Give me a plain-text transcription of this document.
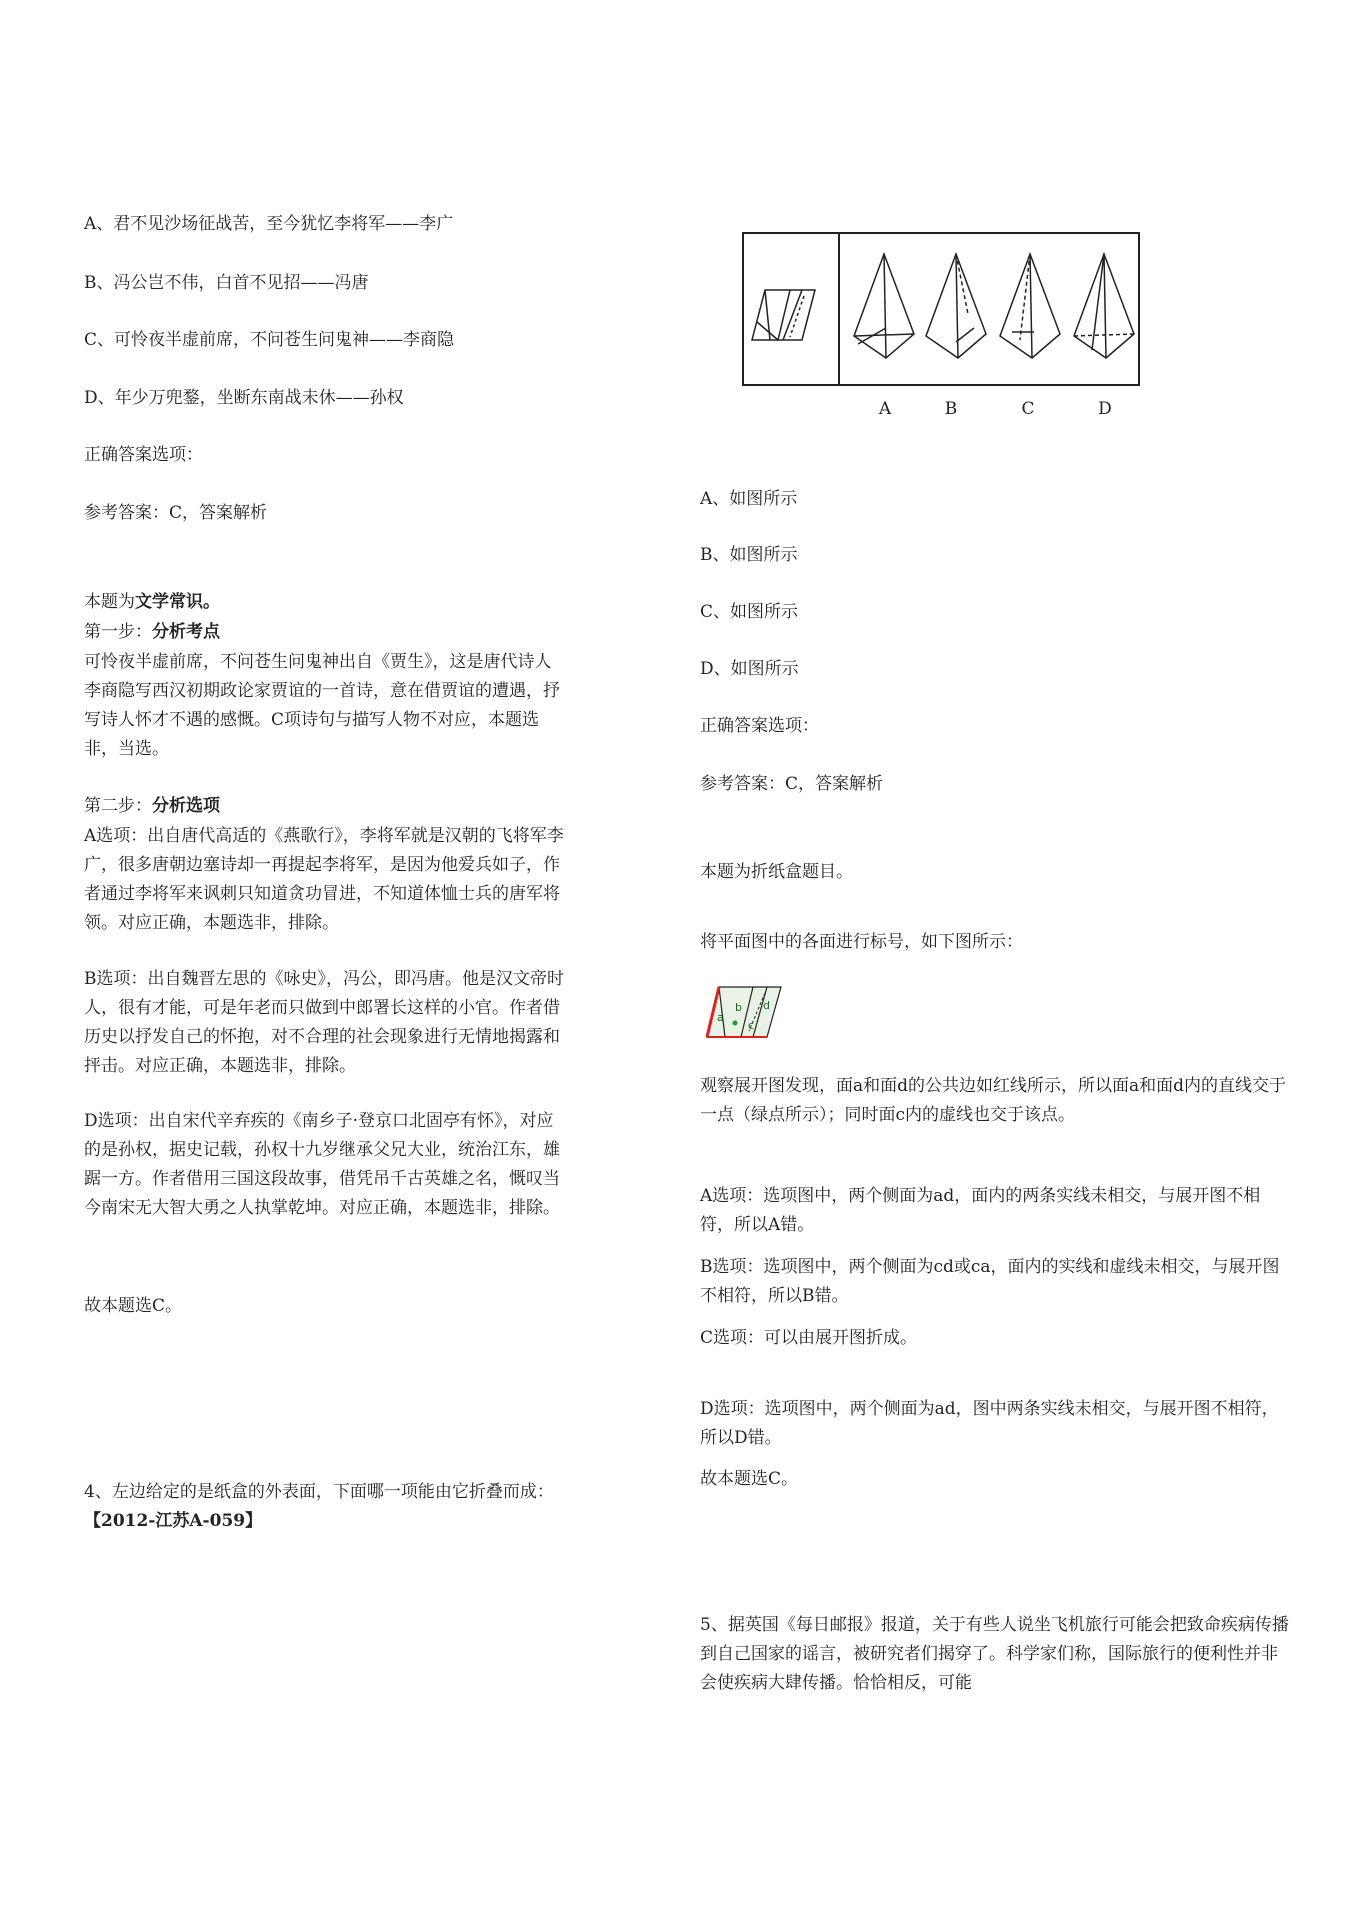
A、君不见沙场征战苦，至今犹忆李将军——李广

B、冯公岂不伟，白首不见招——冯唐

C、可怜夜半虚前席，不问苍生问鬼神——李商隐

D、年少万兜鍪，坐断东南战未休——孙权

正确答案选项：

参考答案：C，答案解析

本题为文学常识。

第一步：分析考点

可怜夜半虚前席，不问苍生问鬼神出自《贾生》，这是唐代诗人李商隐写西汉初期政论家贾谊的一首诗，意在借贾谊的遭遇，抒写诗人怀才不遇的感慨。C项诗句与描写人物不对应，本题选非，当选。

第二步：分析选项

A选项：出自唐代高适的《燕歌行》，李将军就是汉朝的飞将军李广，很多唐朝边塞诗却一再提起李将军，是因为他爱兵如子，作者通过李将军来讽刺只知道贪功冒进，不知道体恤士兵的唐军将领。对应正确，本题选非，排除。

B选项：出自魏晋左思的《咏史》，冯公，即冯唐。他是汉文帝时人，很有才能，可是年老而只做到中郎署长这样的小官。作者借历史以抒发自己的怀抱，对不合理的社会现象进行无情地揭露和抨击。对应正确，本题选非，排除。

D选项：出自宋代辛弃疾的《南乡子·登京口北固亭有怀》，对应的是孙权，据史记载，孙权十九岁继承父兄大业，统治江东，雄踞一方。作者借用三国这段故事，借凭吊千古英雄之名，慨叹当今南宋无大智大勇之人执掌乾坤。对应正确，本题选非，排除。

故本题选C。

4、左边给定的是纸盒的外表面，下面哪一项能由它折叠而成：【2012-江苏A-059】

A	B	C	D

A、如图所示

B、如图所示

C、如图所示

D、如图所示

正确答案选项：

参考答案：C，答案解析

本题为折纸盒题目。

将平面图中的各面进行标号，如下图所示：

观察展开图发现，面a和面d的公共边如红线所示，所以面a和面d内的直线交于一点（绿点所示）；同时面c内的虚线也交于该点。

A选项：选项图中，两个侧面为ad，面内的两条实线未相交，与展开图不相符，所以A错。

B选项：选项图中，两个侧面为cd或ca，面内的实线和虚线未相交，与展开图不相符，所以B错。

C选项：可以由展开图折成。

D选项：选项图中，两个侧面为ad，图中两条实线未相交，与展开图不相符，所以D错。

故本题选C。

5、据英国《每日邮报》报道，关于有些人说坐飞机旅行可能会把致命疾病传播到自己国家的谣言，被研究者们揭穿了。科学家们称，国际旅行的便利性并非会使疾病大肆传播。恰恰相反，可能

a
b
c
d
